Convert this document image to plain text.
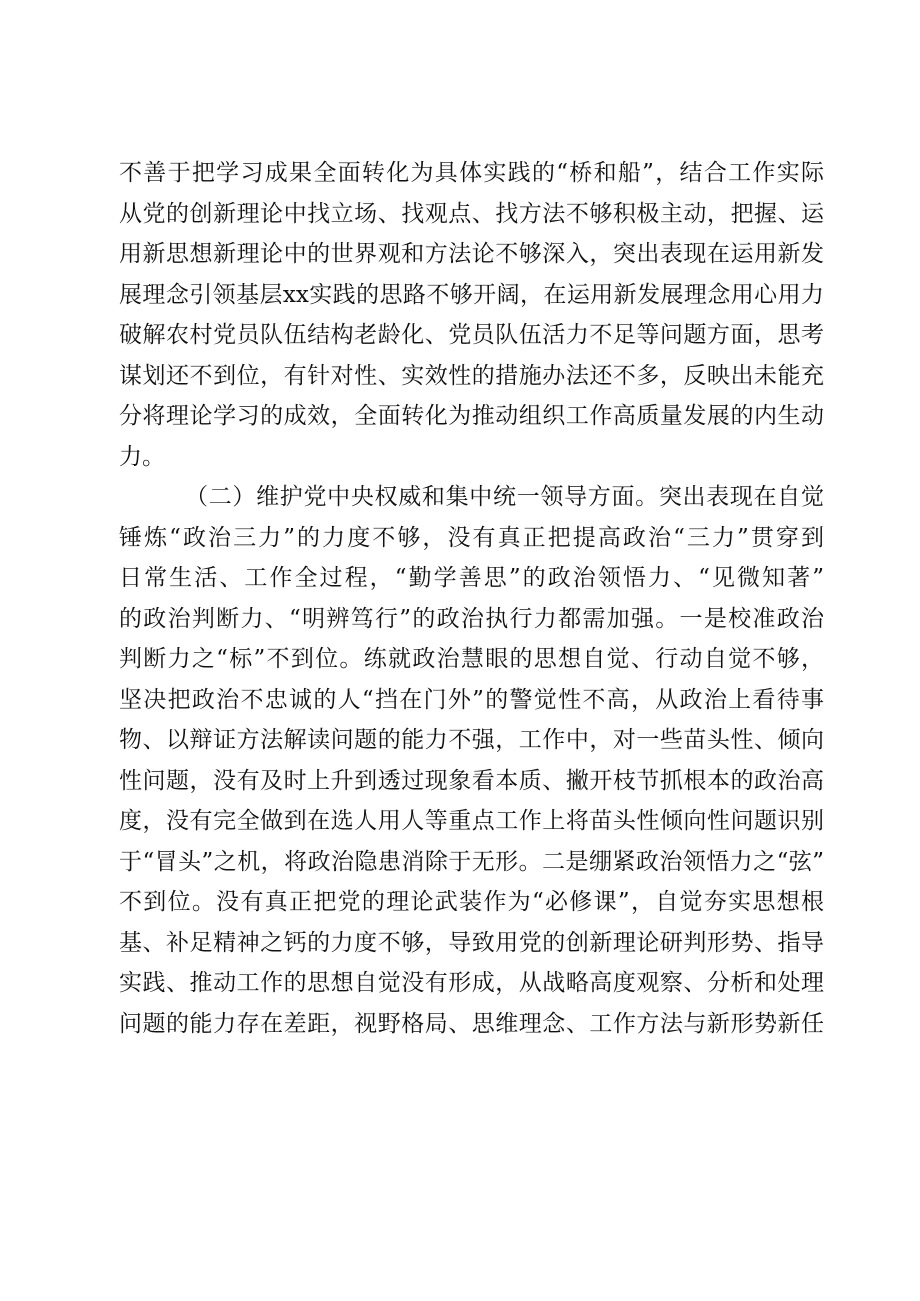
不善于把学习成果全面转化为具体实践的“桥和船”，结合工作实际
从党的创新理论中找立场、找观点、找方法不够积极主动，把握、运
用新思想新理论中的世界观和方法论不够深入，突出表现在运用新发
展理念引领基层xx实践的思路不够开阔，在运用新发展理念用心用力
破解农村党员队伍结构老龄化、党员队伍活力不足等问题方面，思考
谋划还不到位，有针对性、实效性的措施办法还不多，反映出未能充
分将理论学习的成效，全面转化为推动组织工作高质量发展的内生动
力。
（二）维护党中央权威和集中统一领导方面。突出表现在自觉
锤炼“政治三力”的力度不够，没有真正把提高政治“三力”贯穿到
日常生活、工作全过程，“勤学善思”的政治领悟力、“见微知著”
的政治判断力、“明辨笃行”的政治执行力都需加强。一是校准政治
判断力之“标”不到位。练就政治慧眼的思想自觉、行动自觉不够，
坚决把政治不忠诚的人“挡在门外”的警觉性不高，从政治上看待事
物、以辩证方法解读问题的能力不强，工作中，对一些苗头性、倾向
性问题，没有及时上升到透过现象看本质、撇开枝节抓根本的政治高
度，没有完全做到在选人用人等重点工作上将苗头性倾向性问题识别
于“冒头”之机，将政治隐患消除于无形。二是绷紧政治领悟力之“弦”
不到位。没有真正把党的理论武装作为“必修课”，自觉夯实思想根
基、补足精神之钙的力度不够，导致用党的创新理论研判形势、指导
实践、推动工作的思想自觉没有形成，从战略高度观察、分析和处理
问题的能力存在差距，视野格局、思维理念、工作方法与新形势新任
